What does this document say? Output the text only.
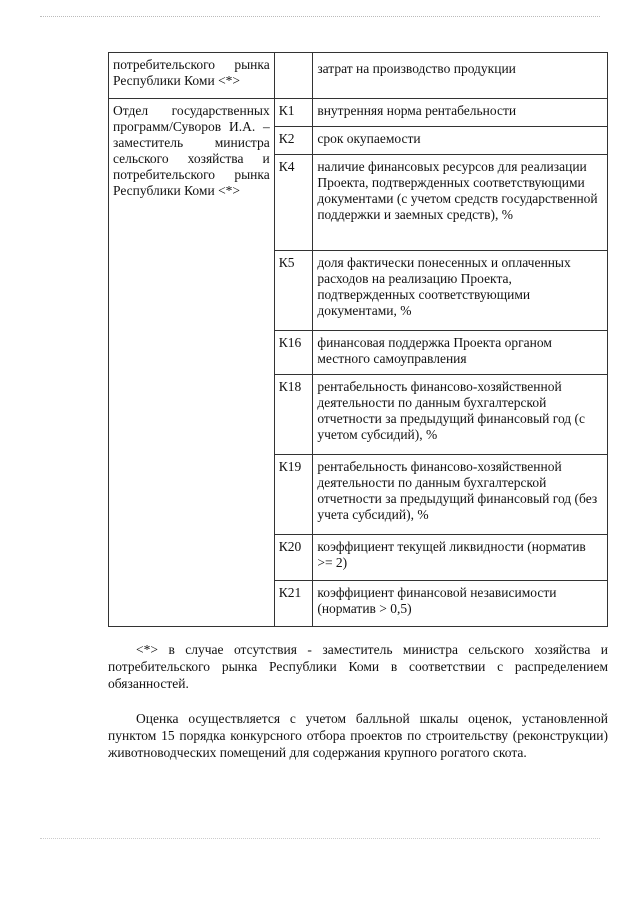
потребительского рынка Республики Коми <*>		затрат на производство продукции
Отдел государственных программ/Суворов И.А. – заместитель министра сельского хозяйства и потребительского рынка Республики Коми <*>	К1	внутренняя норма рентабельности
	К2	срок окупаемости
	К4	наличие финансовых ресурсов для реализации Проекта, подтвержденных соответствующими документами (с учетом средств государственной поддержки и заемных средств), %
	К5	доля фактически понесенных и оплаченных расходов на реализацию Проекта, подтвержденных соответствующими документами, %
	К16	финансовая поддержка Проекта органом местного самоуправления
	К18	рентабельность финансово-хозяйственной деятельности по данным бухгалтерской отчетности за предыдущий финансовый год (с учетом субсидий), %
	К19	рентабельность финансово-хозяйственной деятельности по данным бухгалтерской отчетности за предыдущий финансовый год (без учета субсидий), %
	К20	коэффициент текущей ликвидности (норматив >= 2)
	К21	коэффициент финансовой независимости (норматив > 0,5)

<*> в случае отсутствия - заместитель министра сельского хозяйства и потребительского рынка Республики Коми в соответствии с распределением обязанностей.

Оценка осуществляется с учетом балльной шкалы оценок, установленной пунктом 15 порядка конкурсного отбора проектов по строительству (реконструкции) животноводческих помещений для содержания крупного рогатого скота.
